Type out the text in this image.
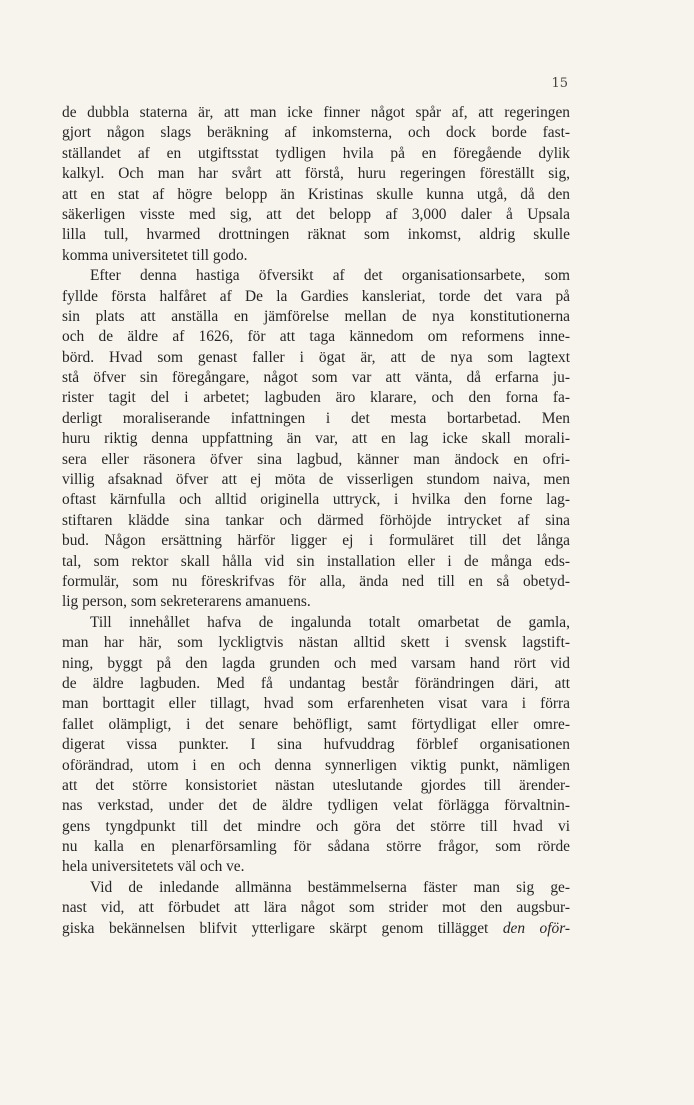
15
de dubbla staterna är, att man icke finner något spår af, att regeringen
gjort någon slags beräkning af inkomsterna, och dock borde fast-
ställandet af en utgiftsstat tydligen hvila på en föregående dylik
kalkyl. Och man har svårt att förstå, huru regeringen föreställt sig,
att en stat af högre belopp än Kristinas skulle kunna utgå, då den
säkerligen visste med sig, att det belopp af 3,000 daler å Upsala
lilla tull, hvarmed drottningen räknat som inkomst, aldrig skulle
komma universitetet till godo.
Efter denna hastiga öfversikt af det organisationsarbete, som
fyllde första halfåret af De la Gardies kansleriat, torde det vara på
sin plats att anställa en jämförelse mellan de nya konstitutionerna
och de äldre af 1626, för att taga kännedom om reformens inne-
börd. Hvad som genast faller i ögat är, att de nya som lagtext
stå öfver sin föregångare, något som var att vänta, då erfarna ju-
rister tagit del i arbetet; lagbuden äro klarare, och den forna fa-
derligt moraliserande infattningen i det mesta bortarbetad. Men
huru riktig denna uppfattning än var, att en lag icke skall morali-
sera eller räsonera öfver sina lagbud, känner man ändock en ofri-
villig afsaknad öfver att ej möta de visserligen stundom naiva, men
oftast kärnfulla och alltid originella uttryck, i hvilka den forne lag-
stiftaren klädde sina tankar och därmed förhöjde intrycket af sina
bud. Någon ersättning härför ligger ej i formuläret till det långa
tal, som rektor skall hålla vid sin installation eller i de många eds-
formulär, som nu föreskrifvas för alla, ända ned till en så obetyd-
lig person, som sekreterarens amanuens.
Till innehållet hafva de ingalunda totalt omarbetat de gamla,
man har här, som lyckligtvis nästan alltid skett i svensk lagstift-
ning, byggt på den lagda grunden och med varsam hand rört vid
de äldre lagbuden. Med få undantag består förändringen däri, att
man borttagit eller tillagt, hvad som erfarenheten visat vara i förra
fallet olämpligt, i det senare behöfligt, samt förtydligat eller omre-
digerat vissa punkter. I sina hufvuddrag förblef organisationen
oförändrad, utom i en och denna synnerligen viktig punkt, nämligen
att det större konsistoriet nästan uteslutande gjordes till ärender-
nas verkstad, under det de äldre tydligen velat förlägga förvaltnin-
gens tyngdpunkt till det mindre och göra det större till hvad vi
nu kalla en plenarförsamling för sådana större frågor, som rörde
hela universitetets väl och ve.
Vid de inledande allmänna bestämmelserna fäster man sig ge-
nast vid, att förbudet att lära något som strider mot den augsbur-
giska bekännelsen blifvit ytterligare skärpt genom tillägget den oför-
